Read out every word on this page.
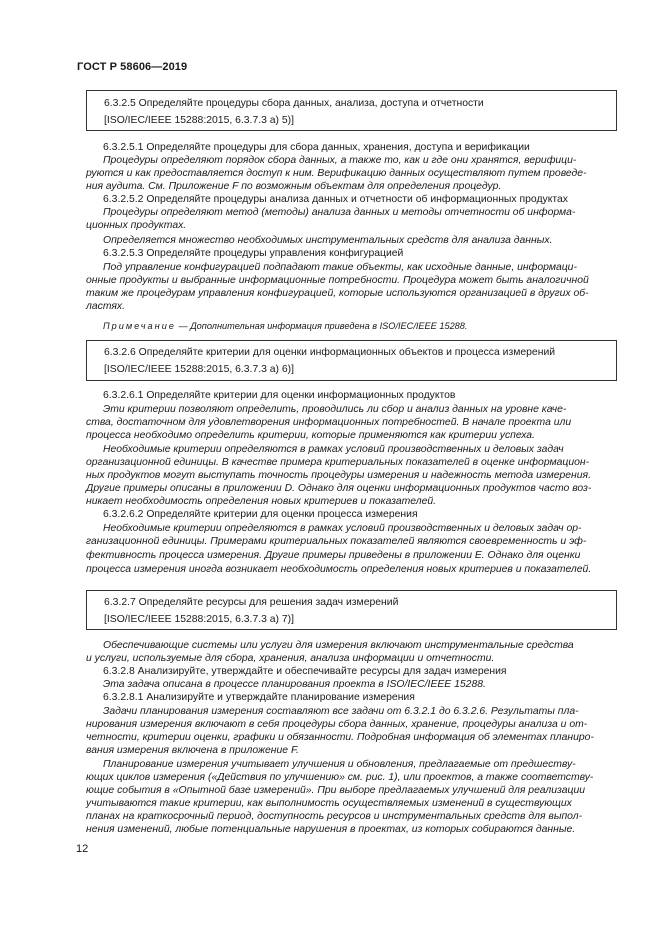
ГОСТ Р 58606—2019
6.3.2.5 Определяйте процедуры сбора данных, анализа, доступа и отчетности
[ISO/IEC/IEEE 15288:2015, 6.3.7.3 a) 5)]
6.3.2.5.1 Определяйте процедуры для сбора данных, хранения, доступа и верификации
Процедуры определяют порядок сбора данных, а также то, как и где они хранятся, верифици-
руются и как предоставляется доступ к ним. Верификацию данных осуществляют путем проведе-
ния аудита. См. Приложение F по возможным объектам для определения процедур.
6.3.2.5.2 Определяйте процедуры анализа данных и отчетности об информационных продуктах
Процедуры определяют метод (методы) анализа данных и методы отчетности об информа-
ционных продуктах.
Определяется множество необходимых инструментальных средств для анализа данных.
6.3.2.5.3 Определяйте процедуры управления конфигурацией
Под управление конфигурацией подпадают такие объекты, как исходные данные, информаци-
онные продукты и выбранные информационные потребности. Процедура может быть аналогичной
таким же процедурам управления конфигурацией, которые используются организацией в других об-
ластях.
Примечание — Дополнительная информация приведена в ISO/IEC/IEEE 15288.
6.3.2.6 Определяйте критерии для оценки информационных объектов и процесса измерений
[ISO/IEC/IEEE 15288:2015, 6.3.7.3 a) 6)]
6.3.2.6.1 Определяйте критерии для оценки информационных продуктов
Эти критерии позволяют определить, проводились ли сбор и анализ данных на уровне каче-
ства, достаточном для удовлетворения информационных потребностей. В начале проекта или
процесса необходимо определить критерии, которые применяются как критерии успеха.
Необходимые критерии определяются в рамках условий производственных и деловых задач
организационной единицы. В качестве примера критериальных показателей в оценке информацион-
ных продуктов могут выступать точность процедуры измерения и надежность метода измерения.
Другие примеры описаны в приложении D. Однако для оценки информационных продуктов часто воз-
никает необходимость определения новых критериев и показателей.
6.3.2.6.2 Определяйте критерии для оценки процесса измерения
Необходимые критерии определяются в рамках условий производственных и деловых задач ор-
ганизационной единицы. Примерами критериальных показателей являются своевременность и эф-
фективность процесса измерения. Другие примеры приведены в приложении E. Однако для оценки
процесса измерения иногда возникает необходимость определения новых критериев и показателей.
6.3.2.7 Определяйте ресурсы для решения задач измерений
[ISO/IEC/IEEE 15288:2015, 6.3.7.3 a) 7)]
Обеспечивающие системы или услуги для измерения включают инструментальные средства
и услуги, используемые для сбора, хранения, анализа информации и отчетности.
6.3.2.8 Анализируйте, утверждайте и обеспечивайте ресурсы для задач измерения
Эта задача описана в процессе планирования проекта в ISO/IEC/IEEE 15288.
6.3.2.8.1 Анализируйте и утверждайте планирование измерения
Задачи планирования измерения составляют все задачи от 6.3.2.1 до 6.3.2.6. Результаты пла-
нирования измерения включают в себя процедуры сбора данных, хранение, процедуры анализа и от-
четности, критерии оценки, графики и обязанности. Подробная информация об элементах планиро-
вания измерения включена в приложение F.
Планирование измерения учитывает улучшения и обновления, предлагаемые от предшеству-
ющих циклов измерения («Действия по улучшению» см. рис. 1), или проектов, а также соответству-
ющие события в «Опытной базе измерений». При выборе предлагаемых улучшений для реализации
учитываются такие критерии, как выполнимость осуществляемых изменений в существующих
планах на краткосрочный период, доступность ресурсов и инструментальных средств для выпол-
нения изменений, любые потенциальные нарушения в проектах, из которых собираются данные.
12
